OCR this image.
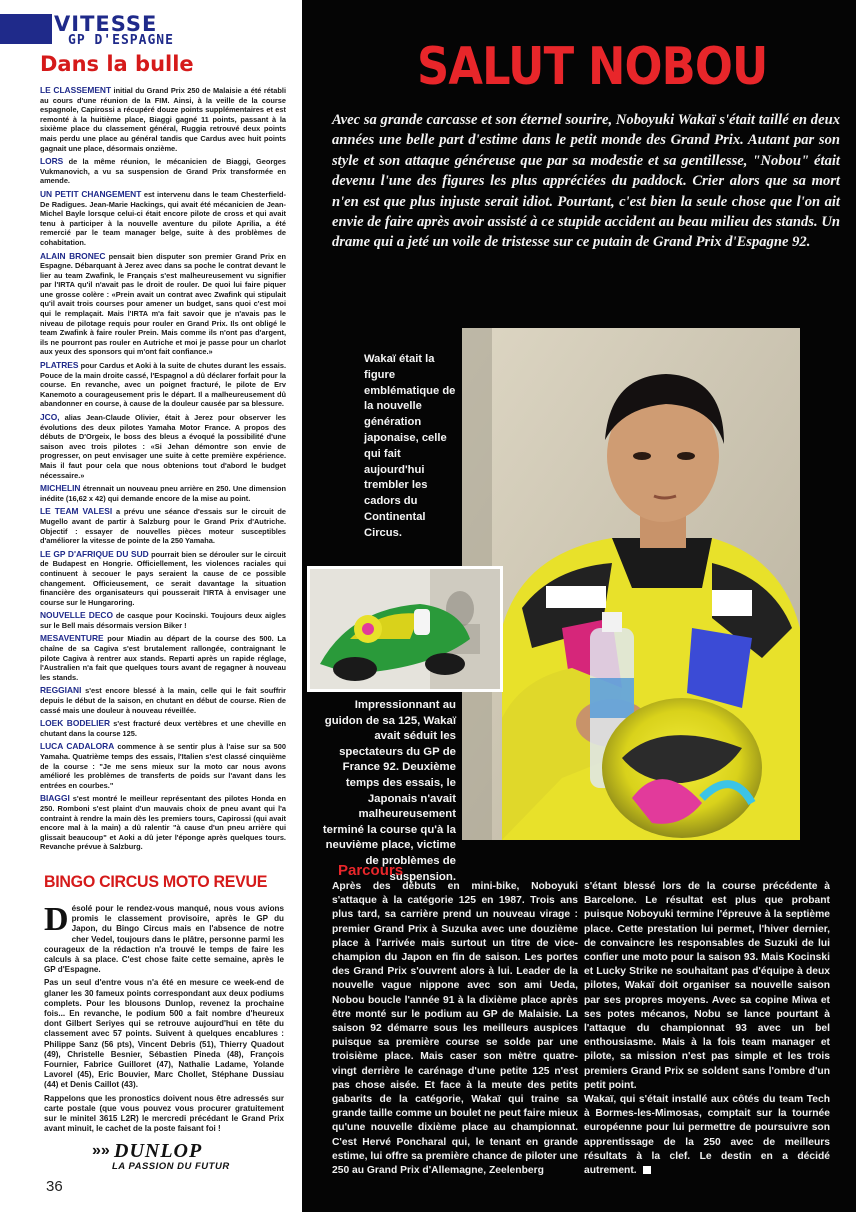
VITESSE
GP D'ESPAGNE
Dans la bulle

LE CLASSEMENT initial du Grand Prix 250 de Malaisie a été rétabli au cours d'une réunion de la FIM. Ainsi, à la veille de la course espagnole, Capirossi a récupéré douze points supplémentaires et est remonté à la huitième place, Biaggi gagné 11 points, passant à la sixième place du classement général, Ruggia retrouvé deux points mais perdu une place au général tandis que Cardus avec huit points gagnait une place, désormais onzième.

LORS de la même réunion, le mécanicien de Biaggi, Georges Vukmanovich, a vu sa suspension de Grand Prix transformée en amende.

UN PETIT CHANGEMENT est intervenu dans le team Chesterfield-De Radigues. Jean-Marie Hackings, qui avait été mécanicien de Jean-Michel Bayle lorsque celui-ci était encore pilote de cross et qui avait tenu à participer à la nouvelle aventure du pilote Aprilia, a été remercié par le team manager belge, suite à des problèmes de cohabitation.

ALAIN BRONEC pensait bien disputer son premier Grand Prix en Espagne. Débarquant à Jerez avec dans sa poche le contrat devant le lier au team Zwafink, le Français s'est malheureusement vu signifier par l'IRTA qu'il n'avait pas le droit de rouler. De quoi lui faire piquer une grosse colère : «Prein avait un contrat avec Zwafink qui stipulait qu'il avait trois courses pour amener un budget, sans quoi c'est moi qui le remplaçait. Mais l'IRTA m'a fait savoir que je n'avais pas le niveau de pilotage requis pour rouler en Grand Prix. Ils ont obligé le team Zwafink à faire rouler Prein. Mais comme ils n'ont pas d'argent, ils ne pourront pas rouler en Autriche et moi je passe pour un charlot aux yeux des sponsors qui m'ont fait confiance.»

PLATRES pour Cardus et Aoki à la suite de chutes durant les essais. Pouce de la main droite cassé, l'Espagnol a dû déclarer forfait pour la course. En revanche, avec un poignet fracturé, le pilote de Erv Kanemoto a courageusement pris le départ. Il a malheureusement dû abandonner en course, à cause de la douleur causée par sa blessure.

JCO, alias Jean-Claude Olivier, était à Jerez pour observer les évolutions des deux pilotes Yamaha Motor France. A propos des débuts de D'Orgeix, le boss des bleus a évoqué la possibilité d'une saison avec trois pilotes : «Si Jehan démontre son envie de progresser, on peut envisager une suite à cette première expérience. Mais il faut pour cela que nous obtenions tout d'abord le budget nécessaire.»

MICHELIN étrennait un nouveau pneu arrière en 250. Une dimension inédite (16,62 x 42) qui demande encore de la mise au point.

LE TEAM VALESI a prévu une séance d'essais sur le circuit de Mugello avant de partir à Salzburg pour le Grand Prix d'Autriche. Objectif : essayer de nouvelles pièces moteur susceptibles d'améliorer la vitesse de pointe de la 250 Yamaha.

LE GP D'AFRIQUE DU SUD pourrait bien se dérouler sur le circuit de Budapest en Hongrie. Officiellement, les violences raciales qui continuent à secouer le pays seraient la cause de ce possible changement. Officieusement, ce serait davantage la situation financière des organisateurs qui pousserait l'IRTA à envisager une course sur le Hungaroring.

NOUVELLE DECO de casque pour Kocinski. Toujours deux aigles sur le Bell mais désormais version Biker !

MESAVENTURE pour Miadin au départ de la course des 500. La chaîne de sa Cagiva s'est brutalement rallongée, contraignant le pilote Cagiva à rentrer aux stands. Reparti après un rapide réglage, l'Australien n'a fait que quelques tours avant de regagner à nouveau les stands.

REGGIANI s'est encore blessé à la main, celle qui le fait souffrir depuis le début de la saison, en chutant en début de course. Rien de cassé mais une douleur à nouveau réveillée.

LOEK BODELIER s'est fracturé deux vertèbres et une cheville en chutant dans la course 125.

LUCA CADALORA commence à se sentir plus à l'aise sur sa 500 Yamaha. Quatrième temps des essais, l'Italien s'est classé cinquième de la course : "Je me sens mieux sur la moto car nous avons amélioré les problèmes de transferts de poids sur l'avant dans les entrées en courbes."

BIAGGI s'est montré le meilleur représentant des pilotes Honda en 250. Romboni s'est plaint d'un mauvais choix de pneu avant qui l'a contraint à rendre la main dès les premiers tours, Capirossi (qui avait encore mal à la main) a dû ralentir "à cause d'un pneu arrière qui glissait beaucoup" et Aoki a dû jeter l'éponge après quelques tours. Revanche prévue à Salzburg.

BINGO CIRCUS MOTO REVUE

Désolé pour le rendez-vous manqué, nous vous avions promis le classement provisoire, après le GP du Japon, du Bingo Circus mais en l'absence de notre cher Vedel, toujours dans le plâtre, personne parmi les courageux de la rédaction n'a trouvé le temps de faire les calculs à sa place. C'est chose faite cette semaine, après le GP d'Espagne.

Pas un seul d'entre vous n'a été en mesure ce week-end de glaner les 30 fameux points correspondant aux deux podiums complets. Pour les blousons Dunlop, revenez la prochaine fois... En revanche, le podium 500 a fait nombre d'heureux dont Gilbert Seriyes qui se retrouve aujourd'hui en tête du classement avec 57 points. Suivent à quelques encablures : Philippe Sanz (56 pts), Vincent Debris (51), Thierry Quadout (49), Christelle Besnier, Sébastien Pineda (48), François Fournier, Fabrice Guilloret (47), Nathalie Ladame, Yolande Lavorel (45), Eric Bouvier, Marc Chollet, Stéphane Dussiau (44) et Denis Caillot (43).

Rappelons que les pronostics doivent nous être adressés sur carte postale (que vous pouvez vous procurer gratuitement sur le minitel 3615 L2R) le mercredi précédant le Grand Prix avant minuit, le cachet de la poste faisant foi !

»» DUNLOP
LA PASSION DU FUTUR
36
SALUT NOBOU
Avec sa grande carcasse et son éternel sourire, Noboyuki Wakaï s'était taillé en deux années une belle part d'estime dans le petit monde des Grand Prix. Autant par son style et son attaque généreuse que par sa modestie et sa gentillesse, "Nobou" était devenu l'une des figures les plus appréciées du paddock. Crier alors que sa mort n'en est que plus injuste serait idiot. Pourtant, c'est bien la seule chose que l'on ait envie de faire après avoir assisté à ce stupide accident au beau milieu des stands. Un drame qui a jeté un voile de tristesse sur ce putain de Grand Prix d'Espagne 92.
Wakaï était la figure emblématique de la nouvelle génération japonaise, celle qui fait aujourd'hui trembler les cadors du Continental Circus.
Impressionnant au guidon de sa 125, Wakaï avait séduit les spectateurs du GP de France 92. Deuxième temps des essais, le Japonais n'avait malheureusement terminé la course qu'à la neuvième place, victime de problèmes de suspension.
Parcours

Après des débuts en mini-bike, Noboyuki s'attaque à la catégorie 125 en 1987. Trois ans plus tard, sa carrière prend un nouveau virage : premier Grand Prix à Suzuka avec une douzième place à l'arrivée mais surtout un titre de vice-champion du Japon en fin de saison. Les portes des Grand Prix s'ouvrent alors à lui. Leader de la nouvelle vague nippone avec son ami Ueda, Nobou boucle l'année 91 à la dixième place après être monté sur le podium au GP de Malaisie. La saison 92 démarre sous les meilleurs auspices puisque sa première course se solde par une troisième place. Mais caser son mètre quatre-vingt derrière le carénage d'une petite 125 n'est pas chose aisée. Et face à la meute des petits gabarits de la catégorie, Wakaï qui traine sa grande taille comme un boulet ne peut faire mieux qu'une nouvelle dixième place au championnat. C'est Hervé Poncharal qui, le tenant en grande estime, lui offre sa première chance de piloter une 250 au Grand Prix d'Allemagne, Zeelenberg

s'étant blessé lors de la course précédente à Barcelone. Le résultat est plus que probant puisque Noboyuki termine l'épreuve à la septième place. Cette prestation lui permet, l'hiver dernier, de convaincre les responsables de Suzuki de lui confier une moto pour la saison 93. Mais Kocinski et Lucky Strike ne souhaitant pas d'équipe à deux pilotes, Wakaï doit organiser sa nouvelle saison par ses propres moyens. Avec sa copine Miwa et ses potes mécanos, Nobu se lance pourtant à l'attaque du championnat 93 avec un bel enthousiasme. Mais à la fois team manager et pilote, sa mission n'est pas simple et les trois premiers Grand Prix se soldent sans l'ombre d'un petit point.

Wakaï, qui s'était installé aux côtés du team Tech à Bormes-les-Mimosas, comptait sur la tournée européenne pour lui permettre de poursuivre son apprentissage de la 250 avec de meilleurs résultats à la clef. Le destin en a décidé autrement.
